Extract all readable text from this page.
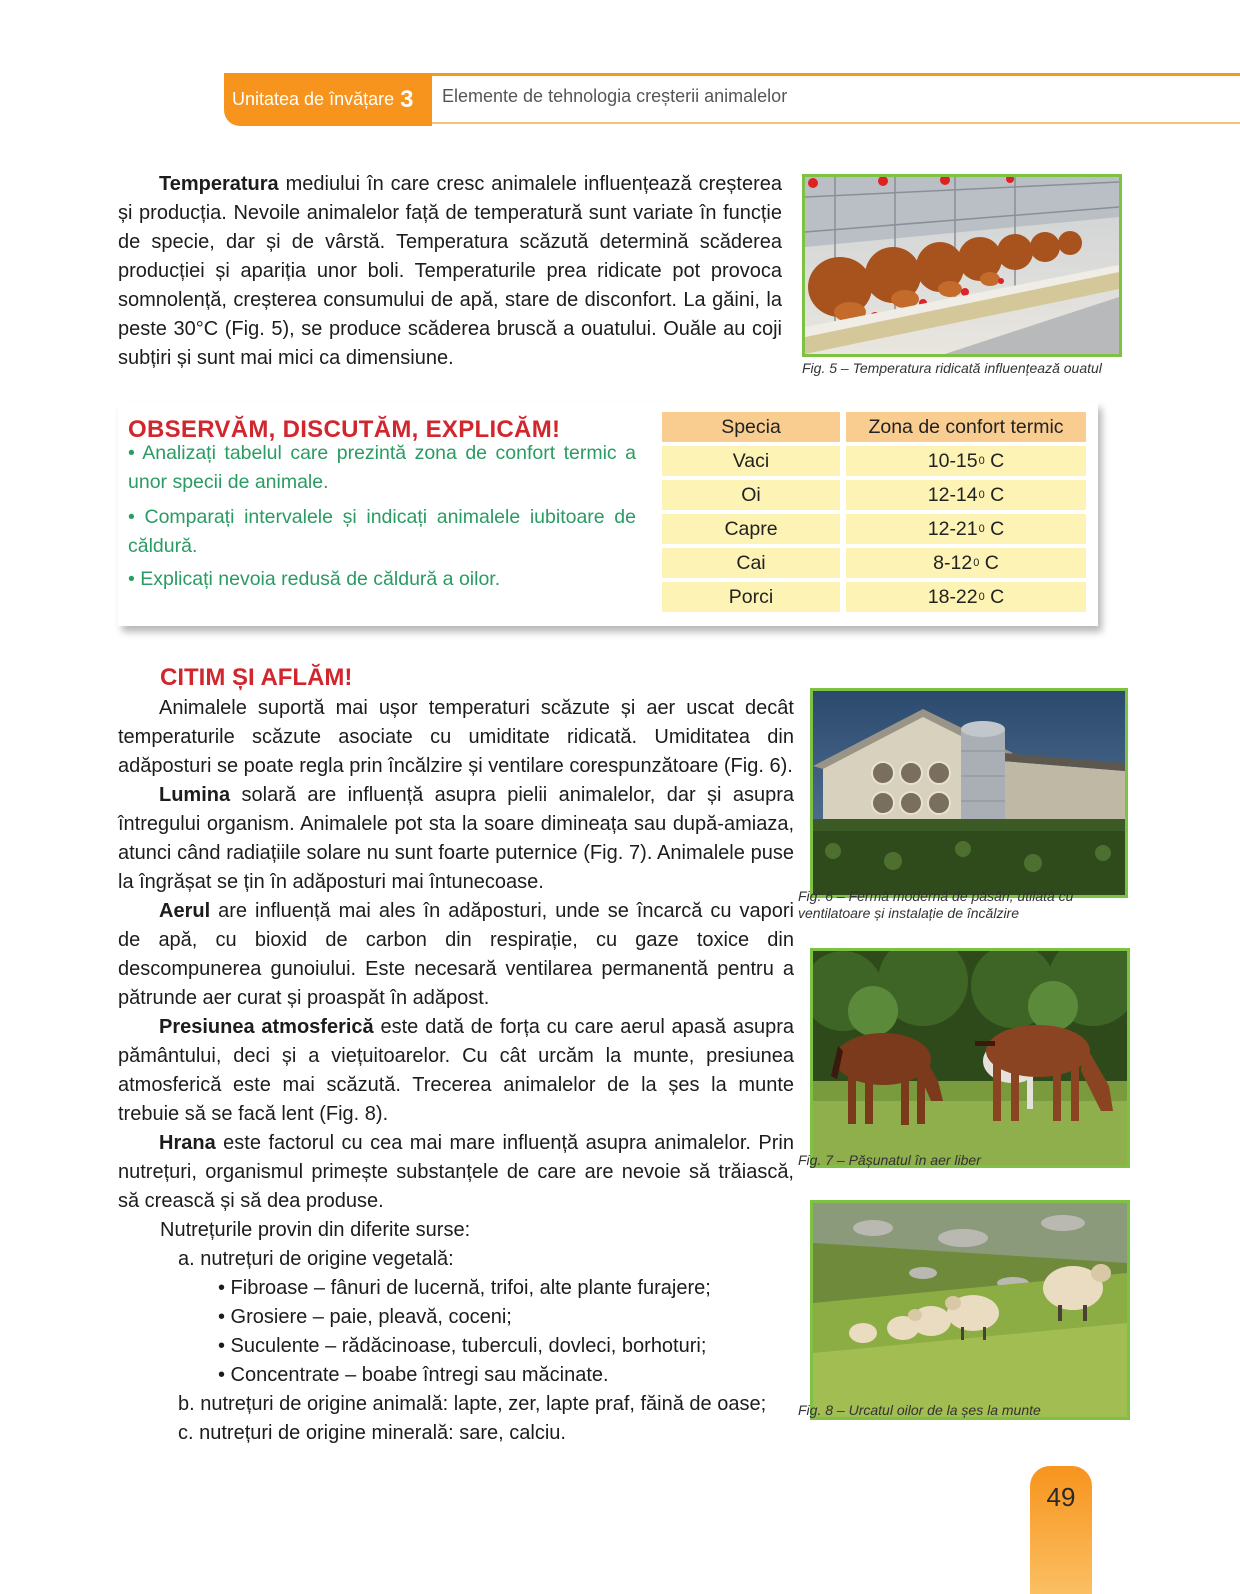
Unitatea de învățare 3 Elemente de tehnologia creșterii animalelor
Temperatura mediului în care cresc animalele influențează creșterea și producția. Nevoile animalelor față de temperatură sunt variate în funcție de specie, dar și de vârstă. Temperatura scăzută determină scăderea producției și apariția unor boli. Temperaturile prea ridicate pot provoca somnolență, creșterea consumului de apă, stare de disconfort. La găini, la peste 30°C (Fig. 5), se produce scăderea bruscă a ouatului. Ouăle au coji subțiri și sunt mai mici ca dimensiune.	Fig. 5 – Temperatura ridicată influențează ouatul
OBSERVĂM, DISCUTĂM, EXPLICĂM!
• Analizați tabelul care prezintă zona de confort termic a unor specii de animale.
• Comparați intervalele și indicați animalele iubitoare de căldură.
• Explicați nevoia redusă de căldură a oilor.
Specia	Zona de confort termic
Vaci	10-15 0 C
Oi	12-14 0 C
Capre	12-21 0 C
Cai	8-12 0 C
Porci	18-22 0 C
CITIM ȘI AFLĂM!
Animalele suportă mai ușor temperaturi scăzute și aer uscat decât temperaturile scăzute asociate cu umiditate ridicată. Umiditatea din adăposturi se poate regla prin încălzire și ventilare corespunzătoare (Fig. 6).
Lumina solară are influență asupra pielii animalelor, dar și asupra întregului organism. Animalele pot sta la soare dimineața sau după-amiaza, atunci când radiațiile solare nu sunt foarte puternice (Fig. 7). Animalele puse la îngrășat se țin în adăposturi mai întunecoase.
Aerul are influență mai ales în adăposturi, unde se încarcă cu vapori de apă, cu bioxid de carbon din respirație, cu gaze toxice din descompunerea gunoiului. Este necesară ventilarea permanentă pentru a pătrunde aer curat și proaspăt în adăpost.
Presiunea atmosferică este dată de forța cu care aerul apasă asupra pământului, deci și a viețuitoarelor. Cu cât urcăm la munte, presiunea atmosferică este mai scăzută. Trecerea animalelor de la șes la munte trebuie să se facă lent (Fig. 8).
Hrana este factorul cu cea mai mare influență asupra animalelor. Prin nutrețuri, organismul primește substanțele de care are nevoie să trăiască, să crească și să dea produse.
Nutrețurile provin din diferite surse:
a. nutrețuri de origine vegetală:
• Fibroase – fânuri de lucernă, trifoi, alte plante furajere;
• Grosiere – paie, pleavă, coceni;
• Suculente – rădăcinoase, tuberculi, dovleci, borhoturi;
• Concentrate – boabe întregi sau măcinate.
b. nutrețuri de origine animală: lapte, zer, lapte praf, făină de oase;
c. nutrețuri de origine minerală: sare, calciu.
Fig. 6 – Fermă modernă de păsări, utilată cu ventilatoare și instalație de încălzire
Fig. 7 – Pășunatul în aer liber
Fig. 8 – Urcatul oilor de la șes la munte
49
